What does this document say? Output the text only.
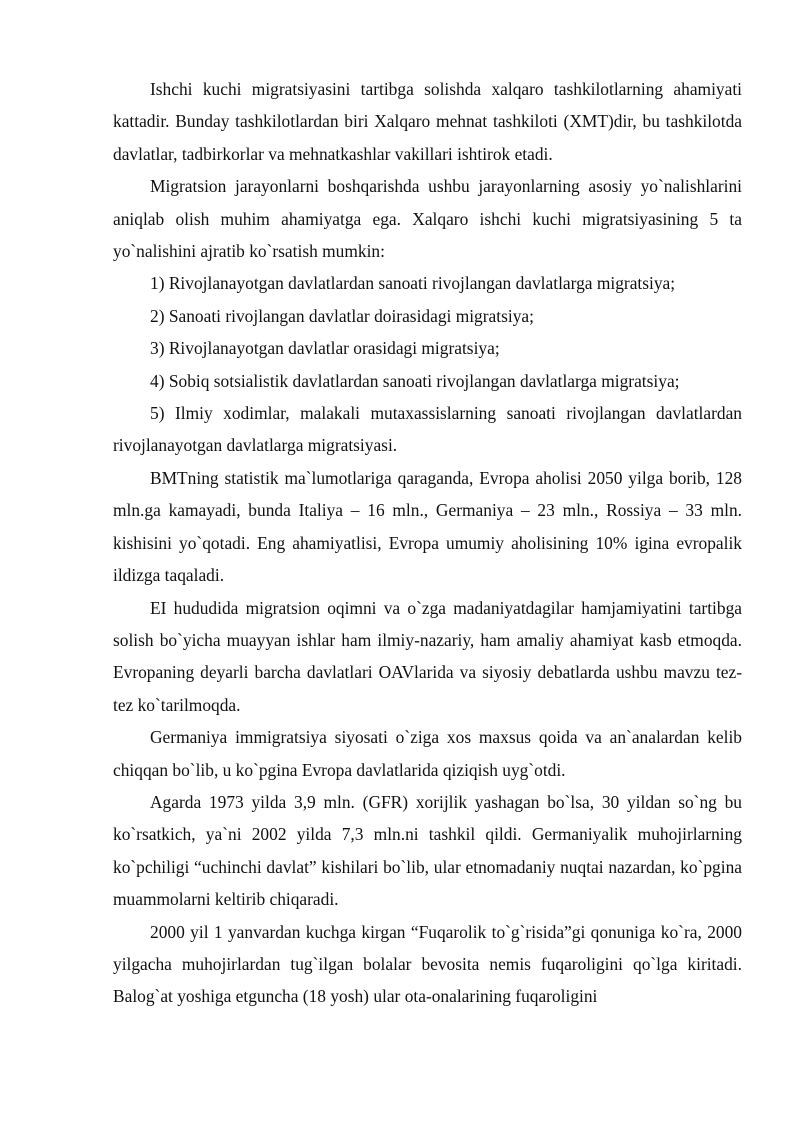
Ishchi kuchi migratsiyasini tartibga solishda xalqaro tashkilotlarning ahamiyati kattadir. Bunday tashkilotlardan biri Xalqaro mehnat tashkiloti (XMT)dir, bu tashkilotda davlatlar, tadbirkorlar va mehnatkashlar vakillari ishtirok etadi.

Migratsion jarayonlarni boshqarishda ushbu jarayonlarning asosiy yo`nalishlarini aniqlab olish muhim ahamiyatga ega. Xalqaro ishchi kuchi migratsiyasining 5 ta yo`nalishini ajratib ko`rsatish mumkin:

1) Rivojlanayotgan davlatlardan sanoati rivojlangan davlatlarga migratsiya;

2) Sanoati rivojlangan davlatlar doirasidagi migratsiya;

3) Rivojlanayotgan davlatlar orasidagi migratsiya;

4) Sobiq sotsialistik davlatlardan sanoati rivojlangan davlatlarga migratsiya;

5) Ilmiy xodimlar, malakali mutaxassislarning sanoati rivojlangan davlatlardan rivojlanayotgan davlatlarga migratsiyasi.

BMTning statistik ma`lumotlariga qaraganda, Evropa aholisi 2050 yilga borib, 128 mln.ga kamayadi, bunda Italiya – 16 mln., Germaniya – 23 mln., Rossiya – 33 mln. kishisini yo`qotadi. Eng ahamiyatlisi, Evropa umumiy aholisining 10% igina evropalik ildizga taqaladi.

EI hududida migratsion oqimni va o`zga madaniyatdagilar hamjamiyatini tartibga solish bo`yicha muayyan ishlar ham ilmiy-nazariy, ham amaliy ahamiyat kasb etmoqda. Evropaning deyarli barcha davlatlari OAVlarida va siyosiy debatlarda ushbu mavzu tez-tez ko`tarilmoqda.

Germaniya immigratsiya siyosati o`ziga xos maxsus qoida va an`analardan kelib chiqqan bo`lib, u ko`pgina Evropa davlatlarida qiziqish uyg`otdi.

Agarda 1973 yilda 3,9 mln. (GFR) xorijlik yashagan bo`lsa, 30 yildan so`ng bu ko`rsatkich, ya`ni 2002 yilda 7,3 mln.ni tashkil qildi. Germaniyalik muhojirlarning ko`pchiligi “uchinchi davlat” kishilari bo`lib, ular etnomadaniy nuqtai nazardan, ko`pgina muammolarni keltirib chiqaradi.

2000 yil 1 yanvardan kuchga kirgan “Fuqarolik to`g`risida”gi qonuniga ko`ra, 2000 yilgacha muhojirlardan tug`ilgan bolalar bevosita nemis fuqaroligini qo`lga kiritadi. Balog`at yoshiga etguncha (18 yosh) ular ota-onalarining fuqaroligini
